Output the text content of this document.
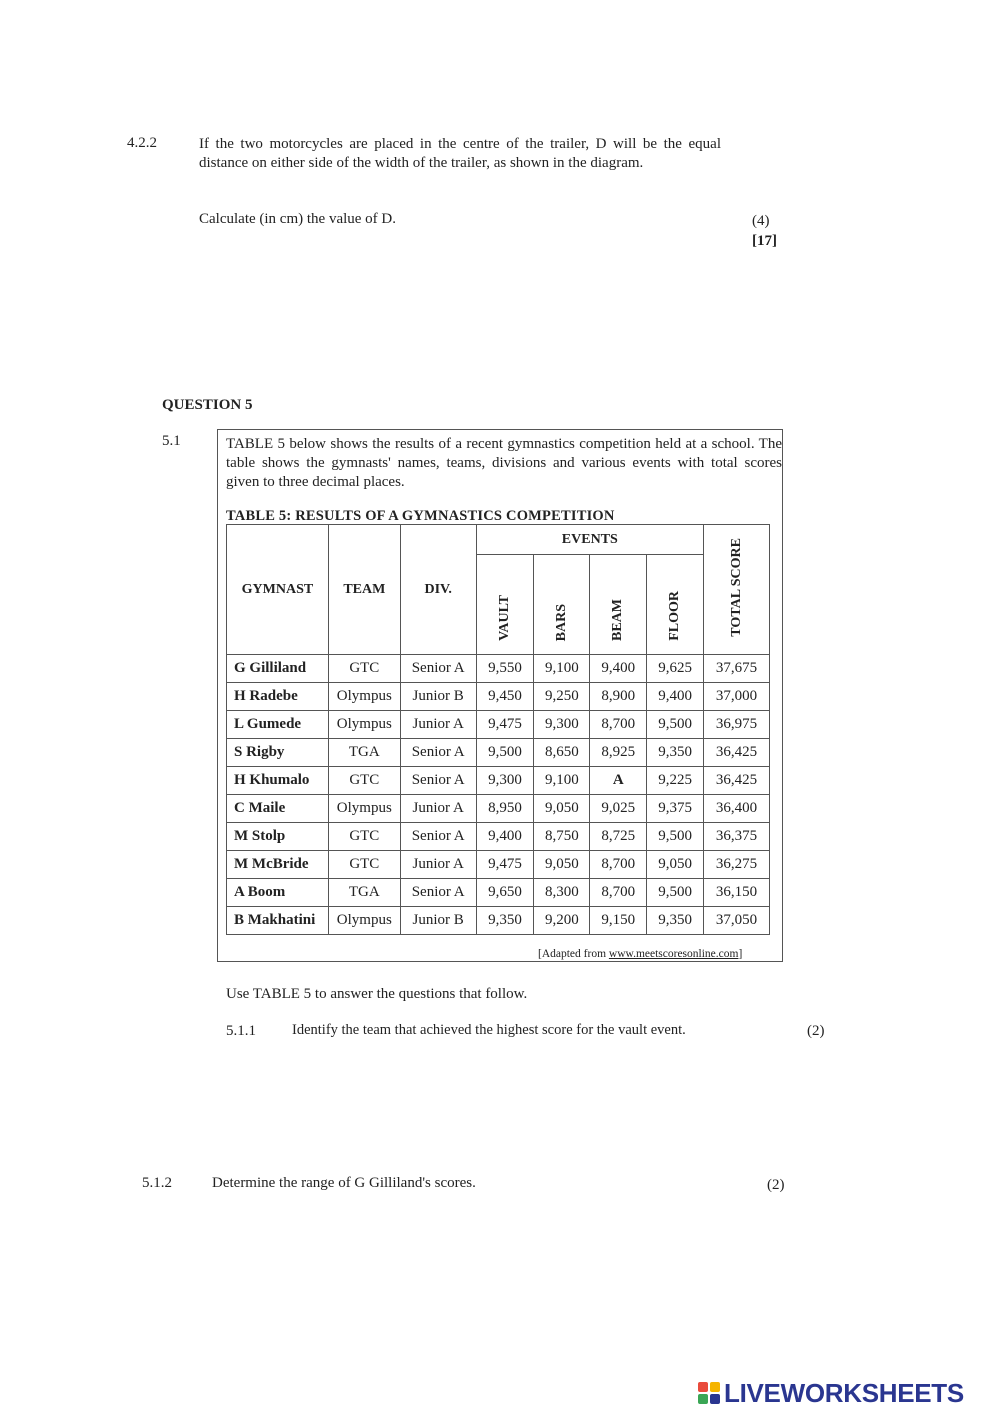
4.2.2	If the two motorcycles are placed in the centre of the trailer, D will be the equal distance on either side of the width of the trailer, as shown in the diagram.
Calculate (in cm) the value of D.	(4)
[17]
QUESTION 5
5.1	TABLE 5 below shows the results of a recent gymnastics competition held at a school. The table shows the gymnasts' names, teams, divisions and various events with total scores given to three decimal places.
TABLE 5: RESULTS OF A GYMNASTICS COMPETITION
GYMNAST	TEAM	DIV.	EVENTS				TOTAL SCORE
			VAULT	BARS	BEAM	FLOOR	
G Gilliland	GTC	Senior A	9,550	9,100	9,400	9,625	37,675
H Radebe	Olympus	Junior B	9,450	9,250	8,900	9,400	37,000
L Gumede	Olympus	Junior A	9,475	9,300	8,700	9,500	36,975
S Rigby	TGA	Senior A	9,500	8,650	8,925	9,350	36,425
H Khumalo	GTC	Senior A	9,300	9,100	A	9,225	36,425
C Maile	Olympus	Junior A	8,950	9,050	9,025	9,375	36,400
M Stolp	GTC	Senior A	9,400	8,750	8,725	9,500	36,375
M McBride	GTC	Junior A	9,475	9,050	8,700	9,050	36,275
A Boom	TGA	Senior A	9,650	8,300	8,700	9,500	36,150
B Makhatini	Olympus	Junior B	9,350	9,200	9,150	9,350	37,050
[Adapted from www.meetscoresonline.com]
Use TABLE 5 to answer the questions that follow.
5.1.1 Identify the team that achieved the highest score for the vault event.	(2)
5.1.2	Determine the range of G Gilliland's scores.	(2)
LIVEWORKSHEETS
